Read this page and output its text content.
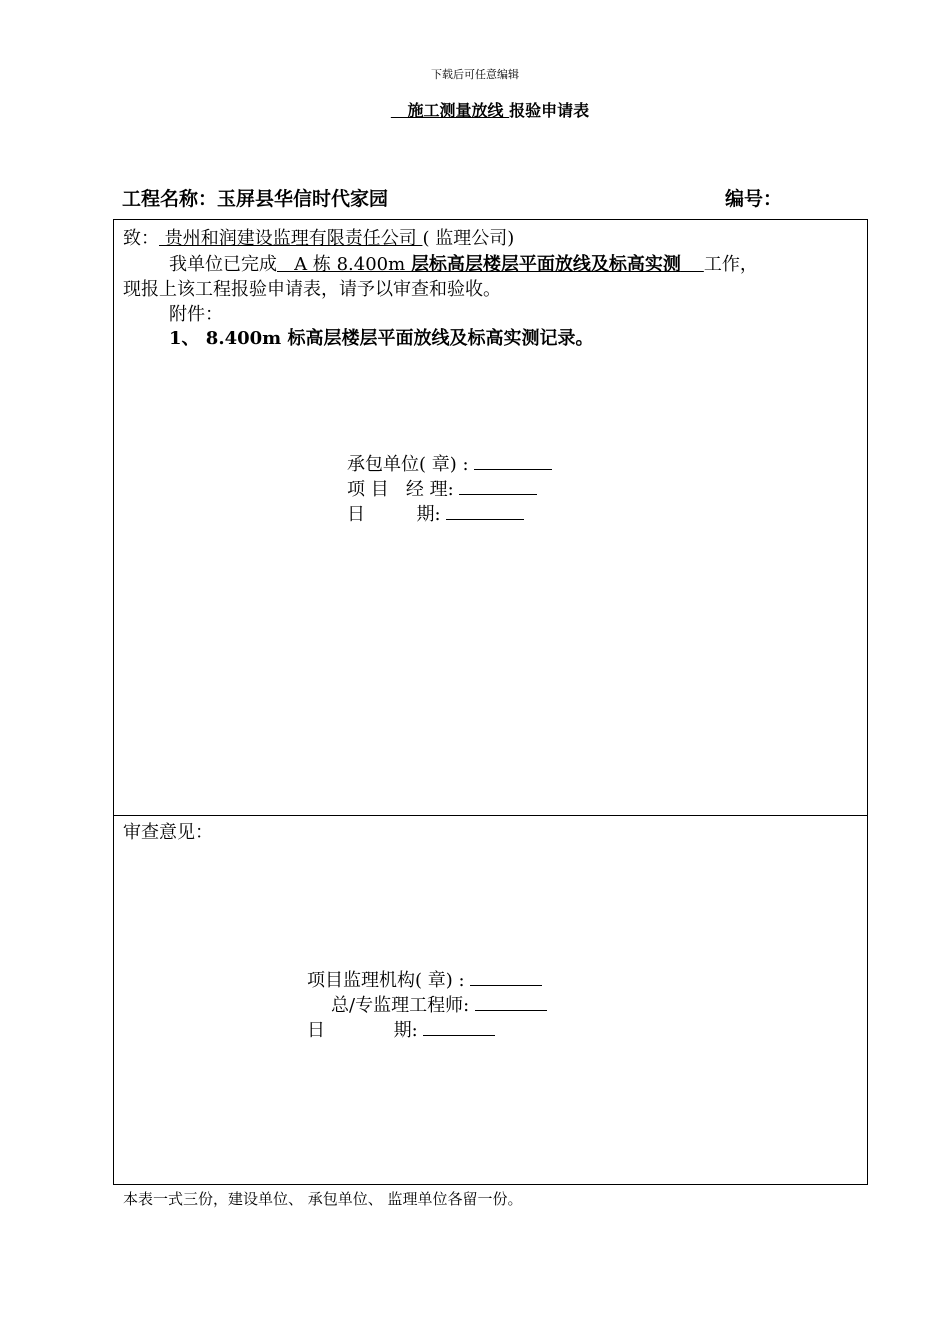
下载后可任意编辑
施工测量放线 报验申请表
工程名称：玉屏县华信时代家园	编号：
致： 贵州和润建设监理有限责任公司 ( 监理公司)
我单位已完成   A 栋 8.400m 层标高层楼层平面放线及标高实测 工作，
现报上该工程报验申请表，请予以审查和验收。
附件：
1、 8.400m 标高层楼层平面放线及标高实测记录。
承包单位( 章) :
项 目   经 理:
日         期:
审查意见：
项目监理机构( 章) :
总/专监理工程师:
日            期:
本表一式三份，建设单位、 承包单位、 监理单位各留一份。
